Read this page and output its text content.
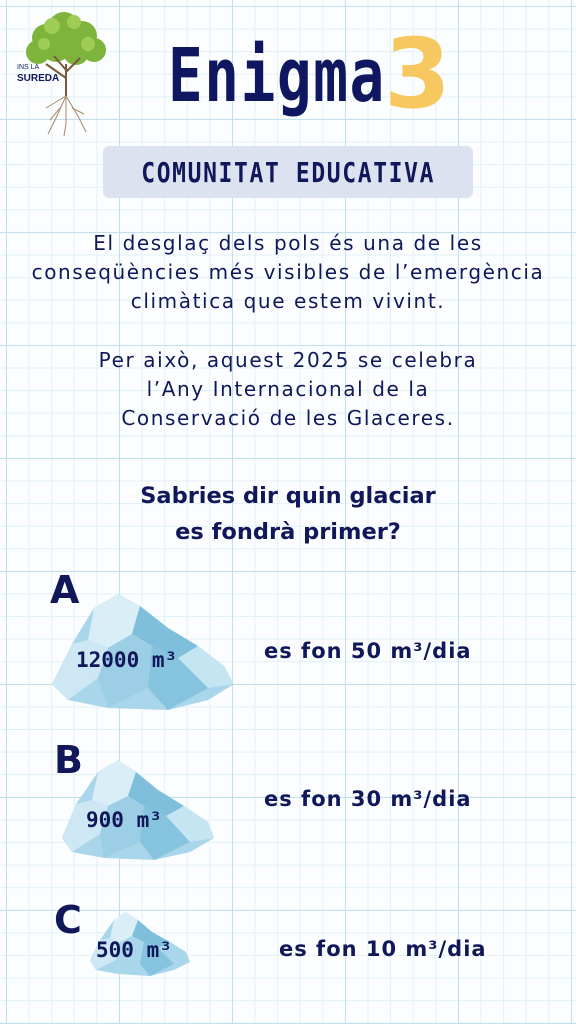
INS LA
SUREDA Enigma
3
COMUNITAT EDUCATIVA
El desglaç dels pols és una de les
conseqüències més visibles de l’emergència
climàtica que estem vivint.
Per això, aquest 2025 se celebra
l’Any Internacional de la
Conservació de les Glaceres.
Sabries dir quin glaciar
es fondrà primer?
A
12000 m³	es fon 50 m³/dia
B
900 m³
es fon 30 m³/dia
C
500 m³	es fon 10 m³/dia
